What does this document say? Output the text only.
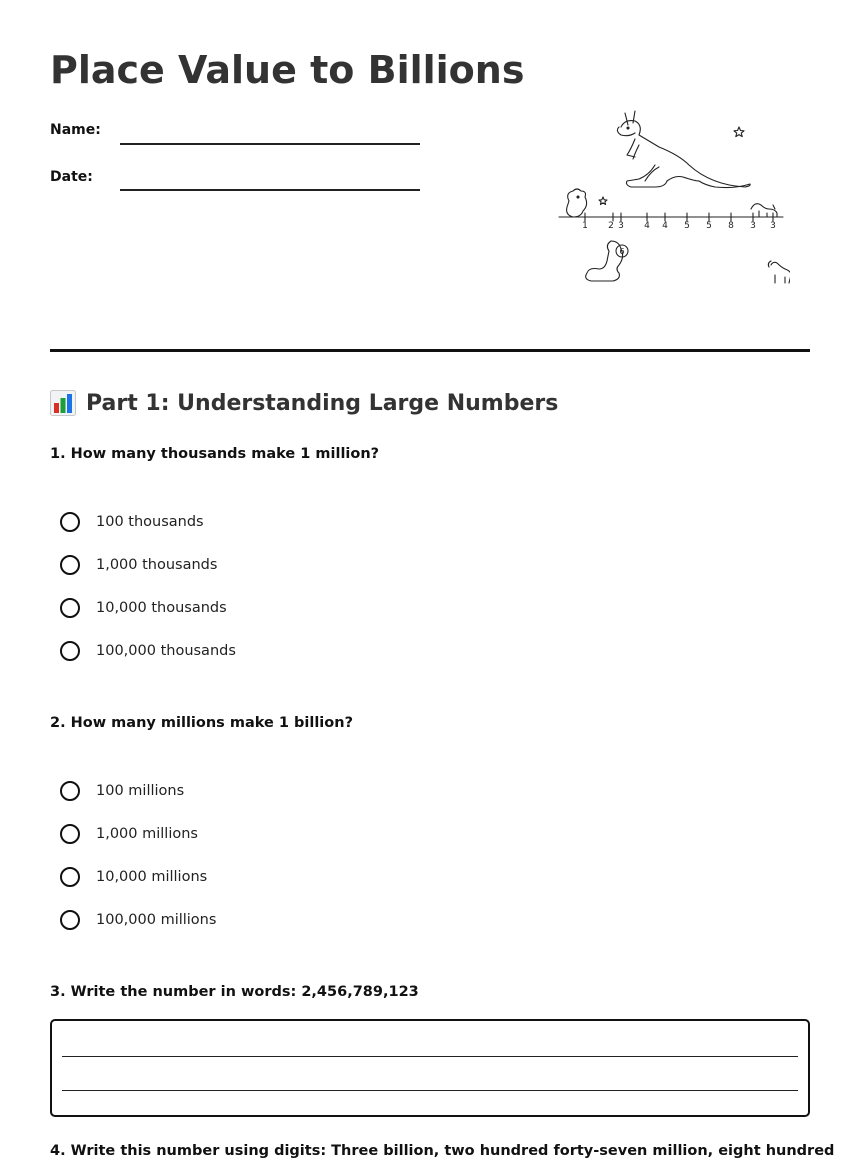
Place Value to Billions
Name:
Date:
1 2 3 4 4 5 5 8 3 3
6
Part 1: Understanding Large Numbers
1. How many thousands make 1 million?
100 thousands
1,000 thousands
10,000 thousands
100,000 thousands
2. How many millions make 1 billion?
100 millions
1,000 millions
10,000 millions
100,000 millions
3. Write the number in words: 2,456,789,123
4. Write this number using digits: Three billion, two hundred forty-seven million, eight hundred
